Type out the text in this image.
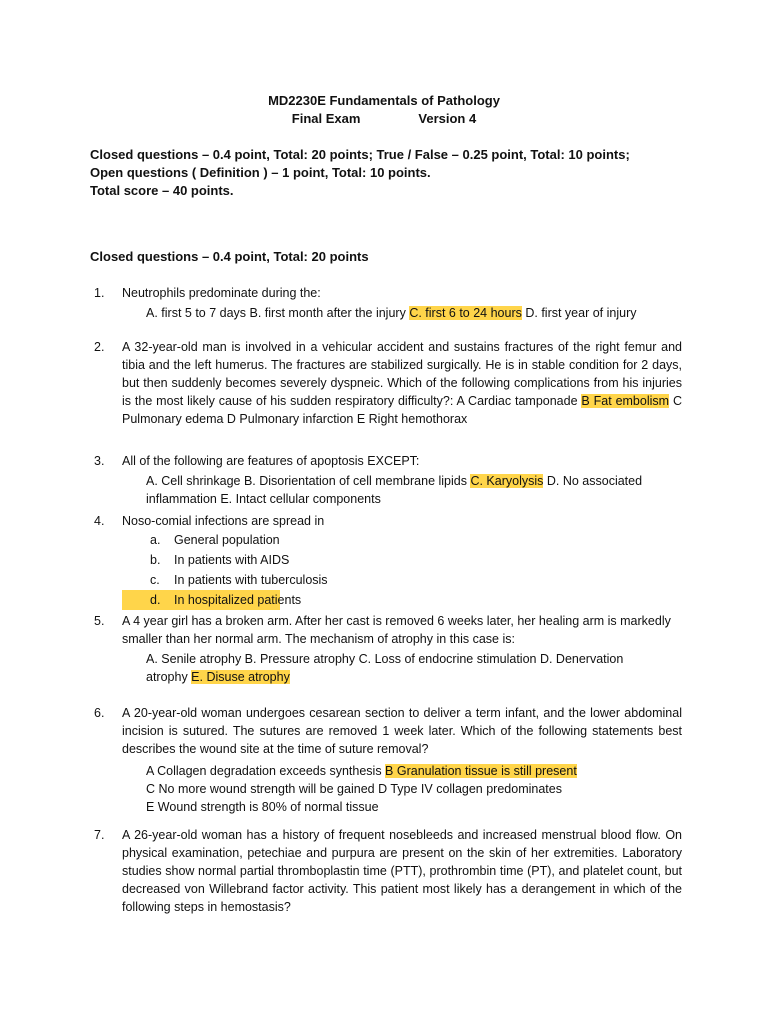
MD2230E Fundamentals of Pathology
Final Exam	Version 4
Closed questions – 0.4 point, Total: 20 points; True / False – 0.25 point, Total: 10 points;
Open questions ( Definition ) – 1 point, Total: 10 points.
Total score – 40 points.
Closed questions – 0.4 point, Total: 20 points
1.	Neutrophils predominate during the:
A. first 5 to 7 days B. first month after the injury C. first 6 to 24 hours D. first year of injury
2.	A 32-year-old man is involved in a vehicular accident and sustains fractures of the right femur and tibia and the left humerus. The fractures are stabilized surgically. He is in stable condition for 2 days, but then suddenly becomes severely dyspneic. Which of the following complications from his injuries is the most likely cause of his sudden respiratory difficulty?: A Cardiac tamponade B Fat embolism C Pulmonary edema D Pulmonary infarction E Right hemothorax
3.	All of the following are features of apoptosis EXCEPT:
A. Cell shrinkage B. Disorientation of cell membrane lipids C. Karyolysis D. No associated inflammation E. Intact cellular components
4.	Noso-comial infections are spread in
a. General population
b. In patients with AIDS
c. In patients with tuberculosis
d. In hospitalized patients
5.	A 4 year girl has a broken arm. After her cast is removed 6 weeks later, her healing arm is markedly smaller than her normal arm. The mechanism of atrophy in this case is:
A. Senile atrophy B. Pressure atrophy C. Loss of endocrine stimulation D. Denervation atrophy E. Disuse atrophy
6.	A 20-year-old woman undergoes cesarean section to deliver a term infant, and the lower abdominal incision is sutured. The sutures are removed 1 week later. Which of the following statements best describes the wound site at the time of suture removal?
A Collagen degradation exceeds synthesis B Granulation tissue is still present
C No more wound strength will be gained D Type IV collagen predominates
E Wound strength is 80% of normal tissue
7.	A 26-year-old woman has a history of frequent nosebleeds and increased menstrual blood flow. On physical examination, petechiae and purpura are present on the skin of her extremities. Laboratory studies show normal partial thromboplastin time (PTT), prothrombin time (PT), and platelet count, but decreased von Willebrand factor activity. This patient most likely has a derangement in which of the following steps in hemostasis?
